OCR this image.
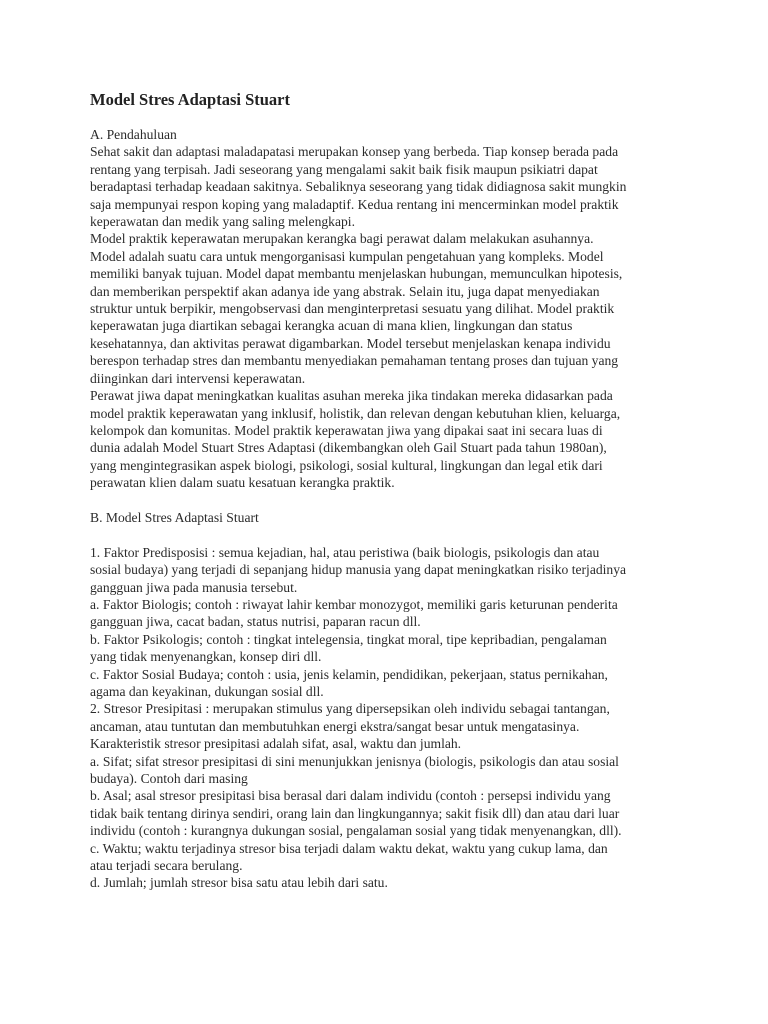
Model Stres Adaptasi Stuart
A. Pendahuluan
Sehat sakit dan adaptasi maladapatasi merupakan konsep yang berbeda. Tiap konsep berada pada
rentang yang terpisah. Jadi seseorang yang mengalami sakit baik fisik maupun psikiatri dapat
beradaptasi terhadap keadaan sakitnya. Sebaliknya seseorang yang tidak didiagnosa sakit mungkin
saja mempunyai respon koping yang maladaptif. Kedua rentang ini mencerminkan model praktik
keperawatan dan medik yang saling melengkapi.
Model praktik keperawatan merupakan kerangka bagi perawat dalam melakukan asuhannya.
Model adalah suatu cara untuk mengorganisasi kumpulan pengetahuan yang kompleks. Model
memiliki banyak tujuan. Model dapat membantu menjelaskan hubungan, memunculkan hipotesis,
dan memberikan perspektif akan adanya ide yang abstrak. Selain itu, juga dapat menyediakan
struktur untuk berpikir, mengobservasi dan menginterpretasi sesuatu yang dilihat. Model praktik
keperawatan juga diartikan sebagai kerangka acuan di mana klien, lingkungan dan status
kesehatannya, dan aktivitas perawat digambarkan. Model tersebut menjelaskan kenapa individu
berespon terhadap stres dan membantu menyediakan pemahaman tentang proses dan tujuan yang
diinginkan dari intervensi keperawatan.
Perawat jiwa dapat meningkatkan kualitas asuhan mereka jika tindakan mereka didasarkan pada
model praktik keperawatan yang inklusif, holistik, dan relevan dengan kebutuhan klien, keluarga,
kelompok dan komunitas. Model praktik keperawatan jiwa yang dipakai saat ini secara luas di
dunia adalah Model Stuart Stres Adaptasi (dikembangkan oleh Gail Stuart pada tahun 1980an),
yang mengintegrasikan aspek biologi, psikologi, sosial kultural, lingkungan dan legal etik dari
perawatan klien dalam suatu kesatuan kerangka praktik.
B. Model Stres Adaptasi Stuart
1. Faktor Predisposisi : semua kejadian, hal, atau peristiwa (baik biologis, psikologis dan atau
sosial budaya) yang terjadi di sepanjang hidup manusia yang dapat meningkatkan risiko terjadinya
gangguan jiwa pada manusia tersebut.
a. Faktor Biologis; contoh : riwayat lahir kembar monozygot, memiliki garis keturunan penderita
gangguan jiwa, cacat badan, status nutrisi, paparan racun dll.
b. Faktor Psikologis; contoh : tingkat intelegensia, tingkat moral, tipe kepribadian, pengalaman
yang tidak menyenangkan, konsep diri dll.
c. Faktor Sosial Budaya; contoh : usia, jenis kelamin, pendidikan, pekerjaan, status pernikahan,
agama dan keyakinan, dukungan sosial dll.
2. Stresor Presipitasi : merupakan stimulus yang dipersepsikan oleh individu sebagai tantangan,
ancaman, atau tuntutan dan membutuhkan energi ekstra/sangat besar untuk mengatasinya.
Karakteristik stresor presipitasi adalah sifat, asal, waktu dan jumlah.
a. Sifat; sifat stresor presipitasi di sini menunjukkan jenisnya (biologis, psikologis dan atau sosial
budaya). Contoh dari masing
b. Asal; asal stresor presipitasi bisa berasal dari dalam individu (contoh : persepsi individu yang
tidak baik tentang dirinya sendiri, orang lain dan lingkungannya; sakit fisik dll) dan atau dari luar
individu (contoh : kurangnya dukungan sosial, pengalaman sosial yang tidak menyenangkan, dll).
c. Waktu; waktu terjadinya stresor bisa terjadi dalam waktu dekat, waktu yang cukup lama, dan
atau terjadi secara berulang.
d. Jumlah; jumlah stresor bisa satu atau lebih dari satu.
